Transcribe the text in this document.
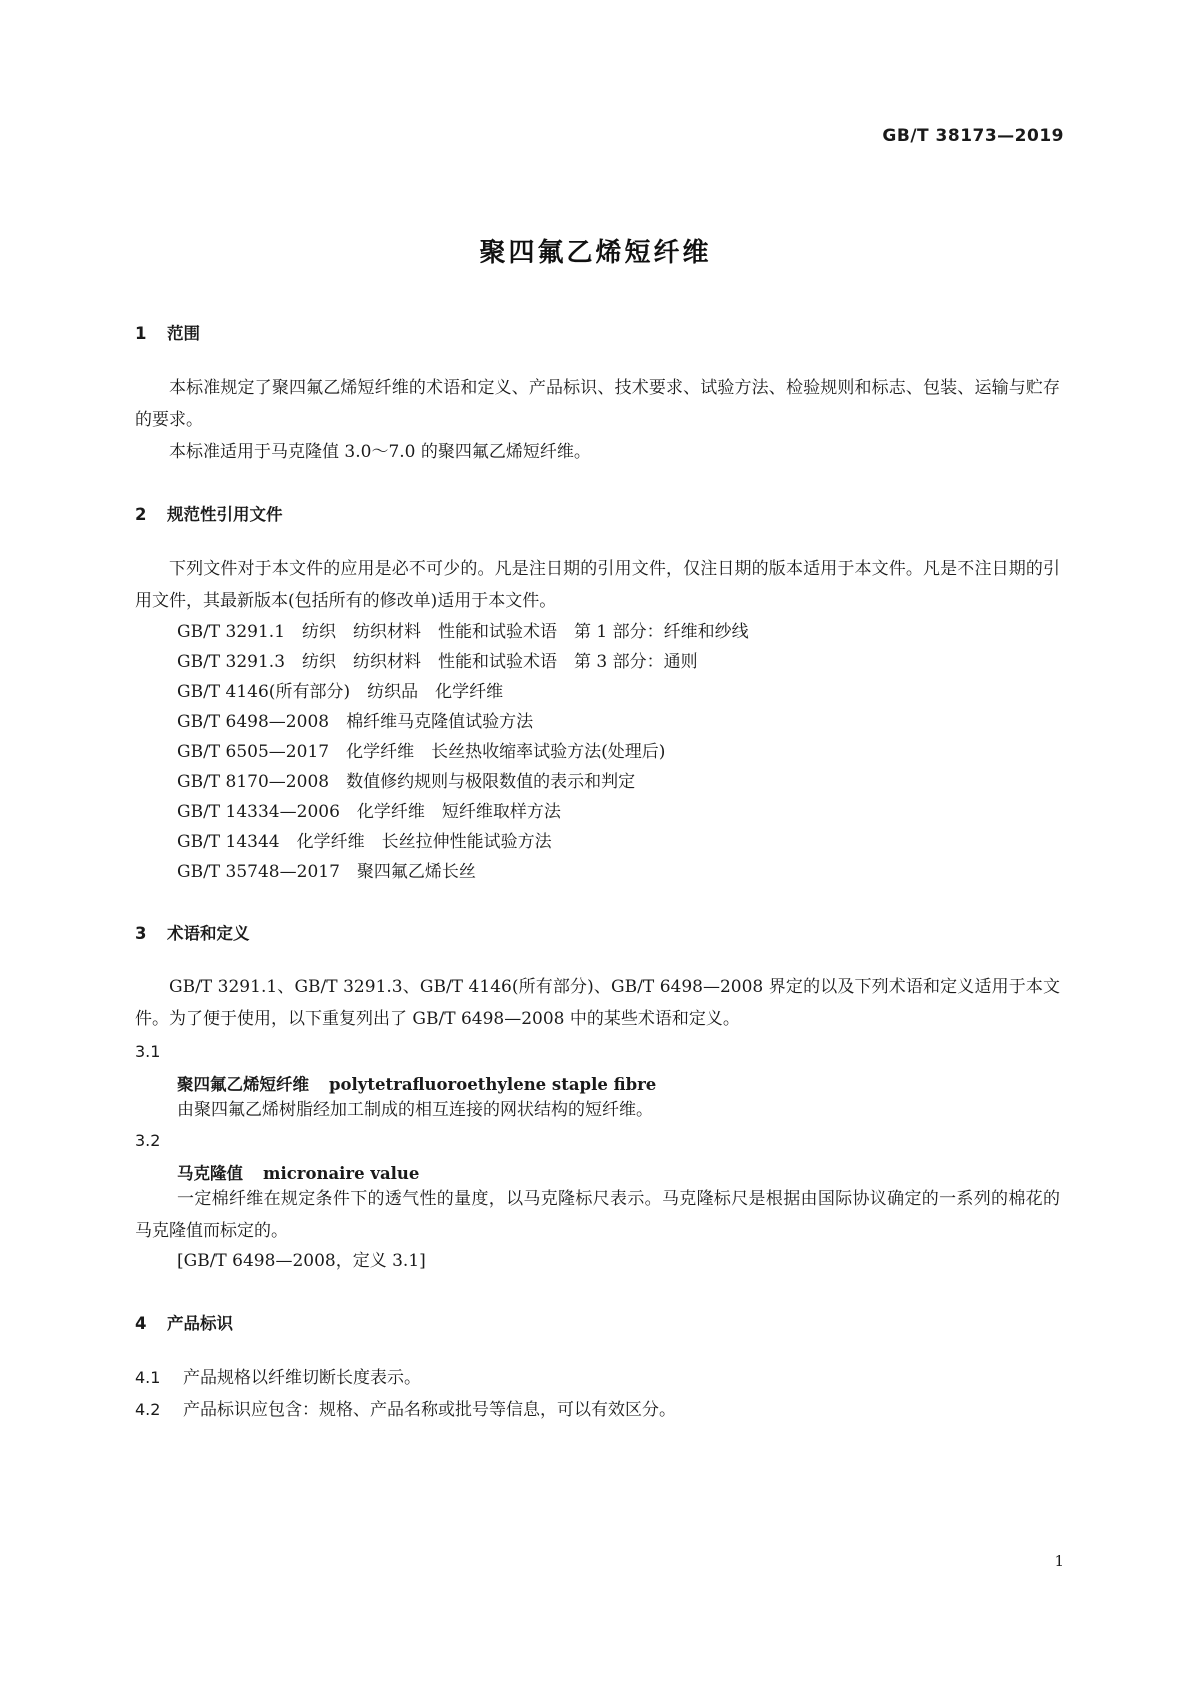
GB/T 38173—2019
聚四氟乙烯短纤维
1 范围
本标准规定了聚四氟乙烯短纤维的术语和定义、产品标识、技术要求、试验方法、检验规则和标志、包装、运输与贮存的要求。
本标准适用于马克隆值 3.0～7.0 的聚四氟乙烯短纤维。
2 规范性引用文件
下列文件对于本文件的应用是必不可少的。凡是注日期的引用文件，仅注日期的版本适用于本文件。凡是不注日期的引用文件，其最新版本(包括所有的修改单)适用于本文件。
GB/T 3291.1　纺织　纺织材料　性能和试验术语　第 1 部分：纤维和纱线
GB/T 3291.3　纺织　纺织材料　性能和试验术语　第 3 部分：通则
GB/T 4146(所有部分)　纺织品　化学纤维
GB/T 6498—2008　棉纤维马克隆值试验方法
GB/T 6505—2017　化学纤维　长丝热收缩率试验方法(处理后)
GB/T 8170—2008　数值修约规则与极限数值的表示和判定
GB/T 14334—2006　化学纤维　短纤维取样方法
GB/T 14344　化学纤维　长丝拉伸性能试验方法
GB/T 35748—2017　聚四氟乙烯长丝
3 术语和定义
GB/T 3291.1、GB/T 3291.3、GB/T 4146(所有部分)、GB/T 6498—2008 界定的以及下列术语和定义适用于本文件。为了便于使用，以下重复列出了 GB/T 6498—2008 中的某些术语和定义。
3.1
聚四氟乙烯短纤维 polytetrafluoroethylene staple fibre
由聚四氟乙烯树脂经加工制成的相互连接的网状结构的短纤维。
3.2
马克隆值 micronaire value
一定棉纤维在规定条件下的透气性的量度，以马克隆标尺表示。马克隆标尺是根据由国际协议确定的一系列的棉花的马克隆值而标定的。
[GB/T 6498—2008，定义 3.1]
4 产品标识
4.1 产品规格以纤维切断长度表示。
4.2 产品标识应包含：规格、产品名称或批号等信息，可以有效区分。
1
